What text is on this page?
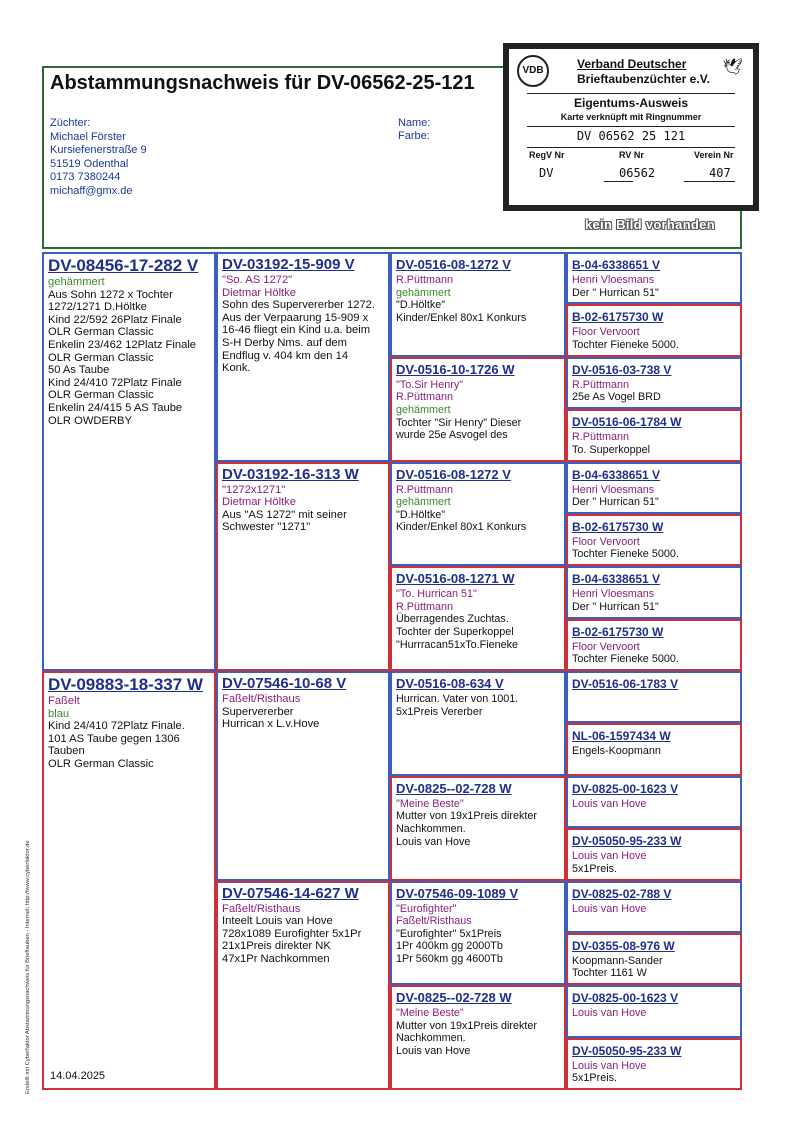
Abstammungsnachweis für DV-06562-25-121
Züchter:
Michael Förster
Kursiefenerstraße 9
51519 Odenthal
0173 7380244
michaff@gmx.de
Name:
Farbe:
kein Bild vorhanden
VDB	🕊
Verband Deutscher
Brieftaubenzüchter e.V.
Eigentums-Ausweis
Karte verknüpft mit Ringnummer
DV 06562 25 121
RegV Nr	RV Nr	Verein Nr
DV	06562	407
DV-08456-17-282 V
gehämmert
Aus Sohn 1272 x Tochter
1272/1271 D.Höltke
Kind 22/592 26Platz Finale
OLR German Classic
Enkelin 23/462 12Platz Finale
OLR German Classic
50 As Taube
Kind 24/410 72Platz Finale
OLR German Classic
Enkelin 24/415 5 AS Taube
OLR OWDERBY
DV-09883-18-337 W
Faßelt
blau
Kind 24/410 72Platz Finale.
101 AS Taube gegen 1306
Tauben
OLR German Classic
DV-03192-15-909 V
"So. AS 1272"
Dietmar Höltke
Sohn des Supervererber 1272.
Aus der Verpaarung 15-909 x
16-46 fliegt ein Kind u.a. beim
S-H Derby Nms. auf dem
Endflug v. 404 km den 14
Konk.
DV-03192-16-313 W
"1272x1271"
Dietmar Höltke
Aus "AS 1272" mit seiner
Schwester "1271"
DV-07546-10-68 V
Faßelt/Risthaus
Supervererber
Hurrican x L.v.Hove
DV-07546-14-627 W
Faßelt/Risthaus
Inteelt Louis van Hove
728x1089 Eurofighter 5x1Pr
21x1Preis direkter NK
47x1Pr Nachkommen
DV-0516-08-1272 V
R.Püttmann
gehämmert
"D.Höltke"
Kinder/Enkel 80x1 Konkurs
DV-0516-10-1726 W
"To.Sir Henry"
R.Püttmann
gehämmert
Tochter "Sir Henry" Dieser
wurde 25e Asvogel des
DV-0516-08-1272 V
R.Püttmann
gehämmert
"D.Höltke"
Kinder/Enkel 80x1 Konkurs
DV-0516-08-1271 W
"To. Hurrican 51"
R.Püttmann
Überragendes Zuchtas.
Tochter der Superkoppel
"Hurrracan51xTo.Fieneke
DV-0516-08-634 V
Hurrican. Vater von 1001.
5x1Preis Vererber
DV-0825--02-728 W
"Meine Beste"
Mutter von 19x1Preis direkter
Nachkommen.
Louis van Hove
DV-07546-09-1089 V
"Eurofighter"
Faßelt/Risthaus
"Eurofighter" 5x1Preis
1Pr 400km gg 2000Tb
1Pr 560km gg 4600Tb
DV-0825--02-728 W
"Meine Beste"
Mutter von 19x1Preis direkter
Nachkommen.
Louis van Hove
B-04-6338651 V
Henri Vloesmans
Der " Hurrican 51"
B-02-6175730 W
Floor Vervoort
Tochter Fieneke 5000.
DV-0516-03-738 V
R.Püttmann
25e As Vogel BRD
DV-0516-06-1784 W
R.Püttmann
To. Superkoppel
B-04-6338651 V
Henri Vloesmans
Der " Hurrican 51"
B-02-6175730 W
Floor Vervoort
Tochter Fieneke 5000.
B-04-6338651 V
Henri Vloesmans
Der " Hurrican 51"
B-02-6175730 W
Floor Vervoort
Tochter Fieneke 5000.
DV-0516-06-1783 V
NL-06-1597434 W
Engels-Koopmann
DV-0825-00-1623 V
Louis van Hove
DV-05050-95-233 W
Louis van Hove
5x1Preis.
DV-0825-02-788 V
Louis van Hove
DV-0355-08-976 W
Koopmann-Sander
Tochter 1161 W
DV-0825-00-1623 V
Louis van Hove
DV-05050-95-233 W
Louis van Hove
5x1Preis.
Erstellt mit Cyberfaktor Abstammungsnachweis für Brieftauben - Internet: http://www.cyberfaktor.de 14.04.2025
